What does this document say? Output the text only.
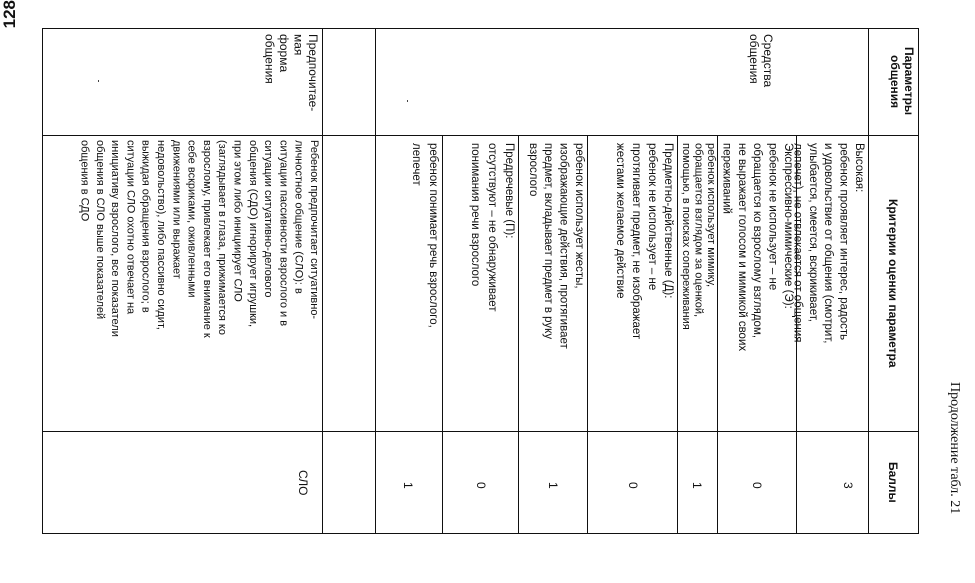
128
Продолжение табл. 21
Параметры
общения
Критерии оценки параметра
Баллы
Средства
общения
Предпочитае-
мая
форма
общения
Высокая:
ребенок проявляет интерес, радость
и удовольствие от общения (смотрит,
улыбается, смеется, вскрикивает,
лепечет), не отвлекается от общения
Экспрессивно-мимические (Э):
ребенок не использует – не
обращается ко взрослому взглядом,
не выражает голосом и мимикой своих
переживаний
ребенок использует мимику,
обращается взглядом за оценкой,
помощью, в поисках сопереживания
Предметно-действенные (Д):
ребенок не использует – не
протягивает предмет, не изображает
жестами желаемое действие
ребенок использует жесты,
изображающие действия, протягивает
предмет, вкладывает предмет в руку
взрослого
Предречевые (П):
отсутствуют – не обнаруживает
понимания речи взрослого
ребенок понимает речь взрослого,
лепечет
Ребенок предпочитает ситуативно-
личностное общение (СЛО): в
ситуации пассивности взрослого и в
ситуации ситуативно-делового
общения (СДО) игнорирует игрушки,
при этом либо инициирует СЛО
(заглядывает в глаза, прижимается ко
взрослому, привлекает его внимание к
себе вскриками, оживленными
движениями или выражает
недовольство), либо пассивно сидит,
выжидая обращения взрослого; в
ситуации СЛО охотно отвечает на
инициативу взрослого, все показатели
общения в СЛО выше показателей
общения в СДО
3
0
1
0
1
0
1
СЛО
